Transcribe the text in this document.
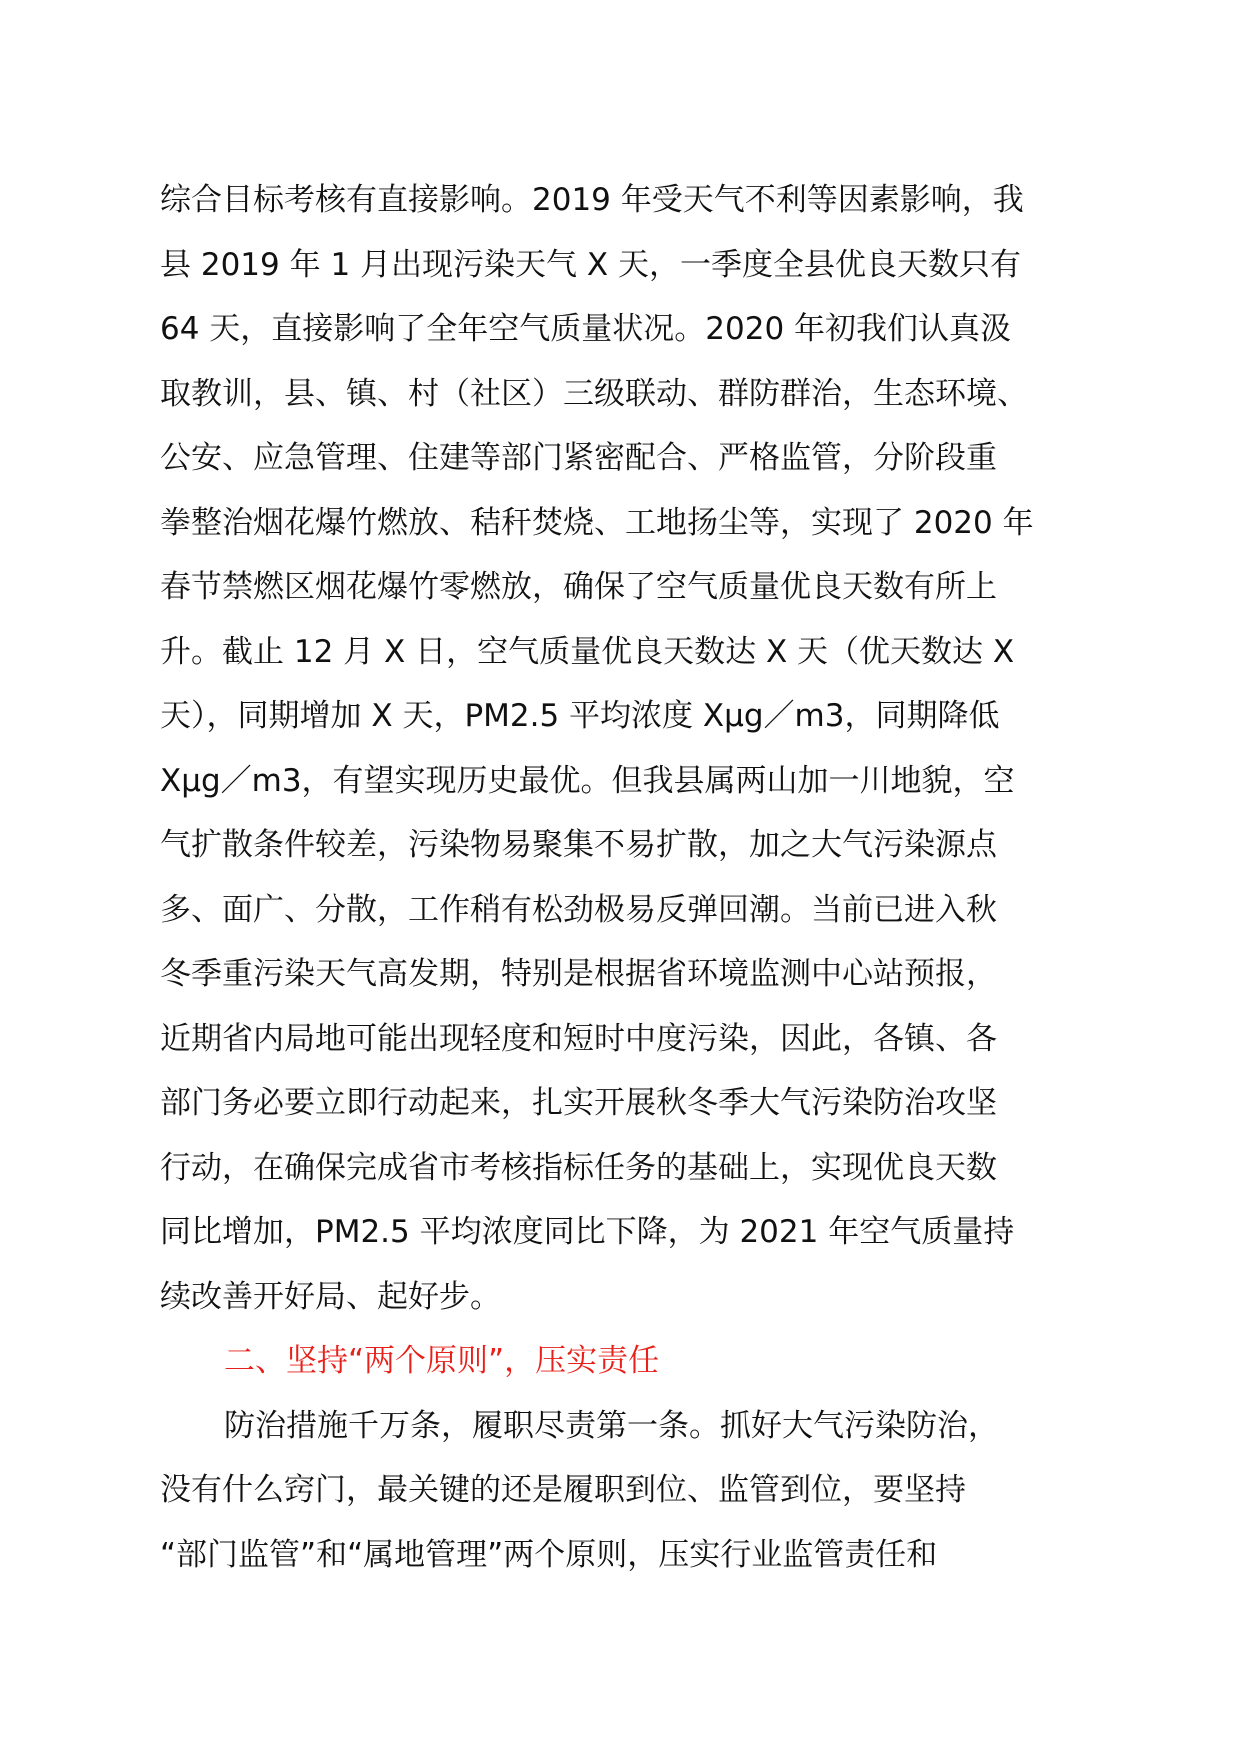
综合目标考核有直接影响。2019 年受天气不利等因素影响，我
县 2019 年 1 月出现污染天气 X 天，一季度全县优良天数只有
64 天，直接影响了全年空气质量状况。2020 年初我们认真汲
取教训，县、镇、村（社区）三级联动、群防群治，生态环境、
公安、应急管理、住建等部门紧密配合、严格监管，分阶段重
拳整治烟花爆竹燃放、秸秆焚烧、工地扬尘等，实现了 2020 年
春节禁燃区烟花爆竹零燃放，确保了空气质量优良天数有所上
升。截止 12 月 X 日，空气质量优良天数达 X 天（优天数达 X
天），同期增加 X 天，PM2.5 平均浓度 Xμg／m3，同期降低
Xμg／m3，有望实现历史最优。但我县属两山加一川地貌，空
气扩散条件较差，污染物易聚集不易扩散，加之大气污染源点
多、面广、分散，工作稍有松劲极易反弹回潮。当前已进入秋
冬季重污染天气高发期，特别是根据省环境监测中心站预报，
近期省内局地可能出现轻度和短时中度污染，因此，各镇、各
部门务必要立即行动起来，扎实开展秋冬季大气污染防治攻坚
行动，在确保完成省市考核指标任务的基础上，实现优良天数
同比增加，PM2.5 平均浓度同比下降，为 2021 年空气质量持
续改善开好局、起好步。
二、坚持“两个原则”，压实责任
防治措施千万条，履职尽责第一条。抓好大气污染防治，
没有什么窍门，最关键的还是履职到位、监管到位，要坚持
“部门监管”和“属地管理”两个原则，压实行业监管责任和
